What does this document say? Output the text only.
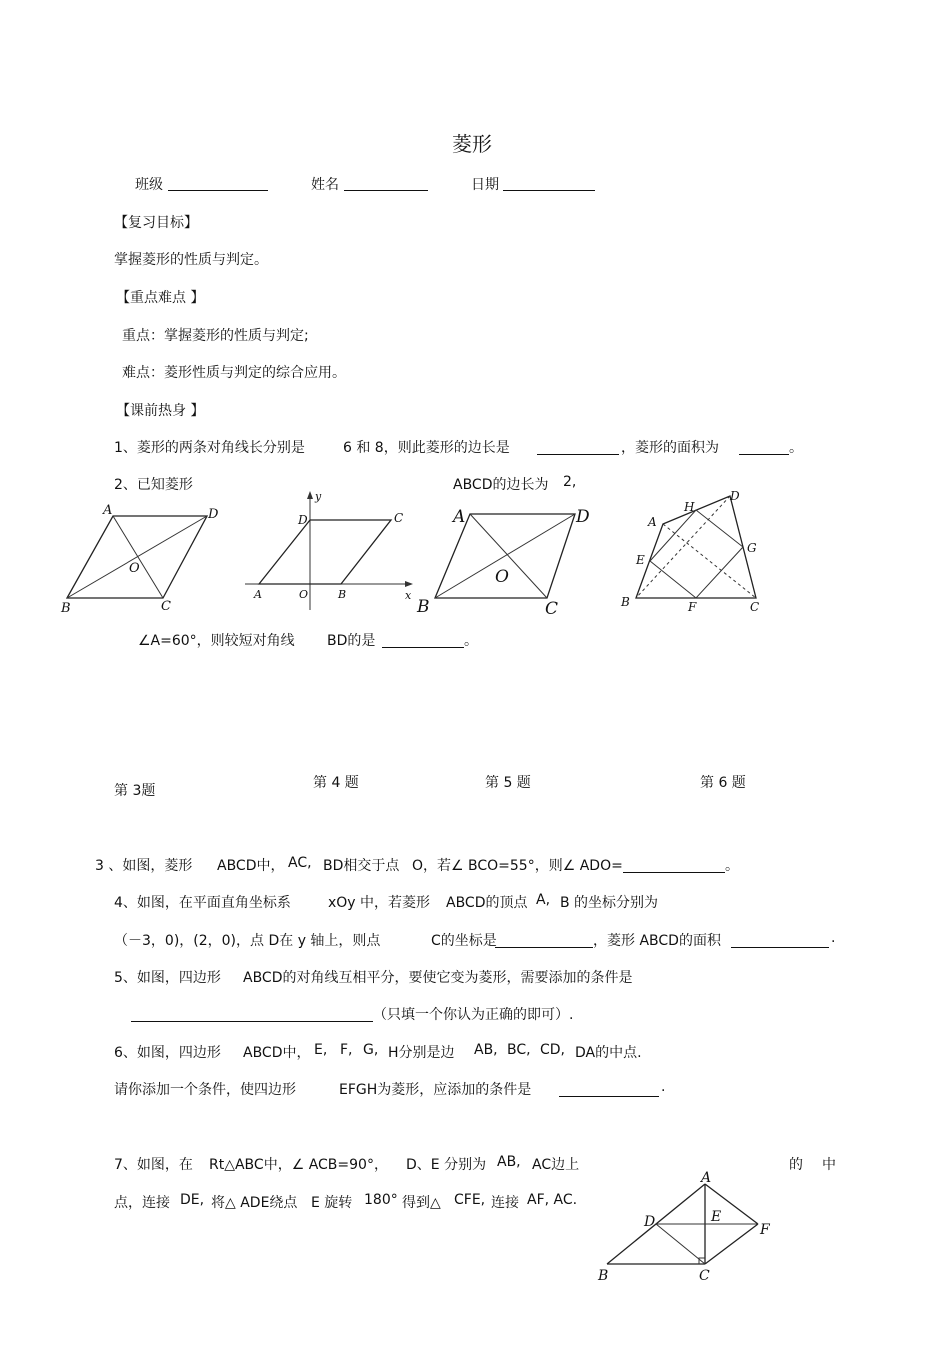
菱形
班级	姓名	日期
【复习目标】
掌握菱形的性质与判定。
【重点难点 】
重点：掌握菱形的性质与判定;
难点：菱形性质与判定的综合应用。
【课前热身 】
1、菱形的两条对角线长分别是	6 和 8，则此菱形的边长是	，菱形的面积为	。
2、已知菱形	ABCD的边长为 2,
A	D
O
B	C
y
D	C
A	O	B	x
A	D
O
B	C
D
H
A
G
E
B	F	C
∠A=60°，则较短对角线 BD的是	。
第 3题	第 4 题	第 5 题	第 6 题
3 、如图，菱形 ABCD中， AC, BD相交于点 O，若∠ BCO=55°，则∠ ADO=	。
4、如图，在平面直角坐标系	xOy 中，若菱形 ABCD的顶点 A, B 的坐标分别为
（－3，0)，(2，0)，点 D在 y 轴上，则点	C的坐标是	，菱形 ABCD的面积	.
5、如图，四边形 ABCD的对角线互相平分，要使它变为菱形，需要添加的条件是
（只填一个你认为正确的即可）.
6、如图，四边形 ABCD中， E, F, G, H分别是边 AB, BC, CD, DA的中点.
请你添加一个条件，使四边形	EFGH为菱形，应添加的条件是	.
7、如图，在 Rt△ABC中，∠ ACB=90°， D、E 分别为 AB, AC边上	的 中
点，连接 DE, 将△ ADE绕点 E 旋转 180° 得到△ CFE, 连接 AF, AC.
A
D	E
F
B	C
